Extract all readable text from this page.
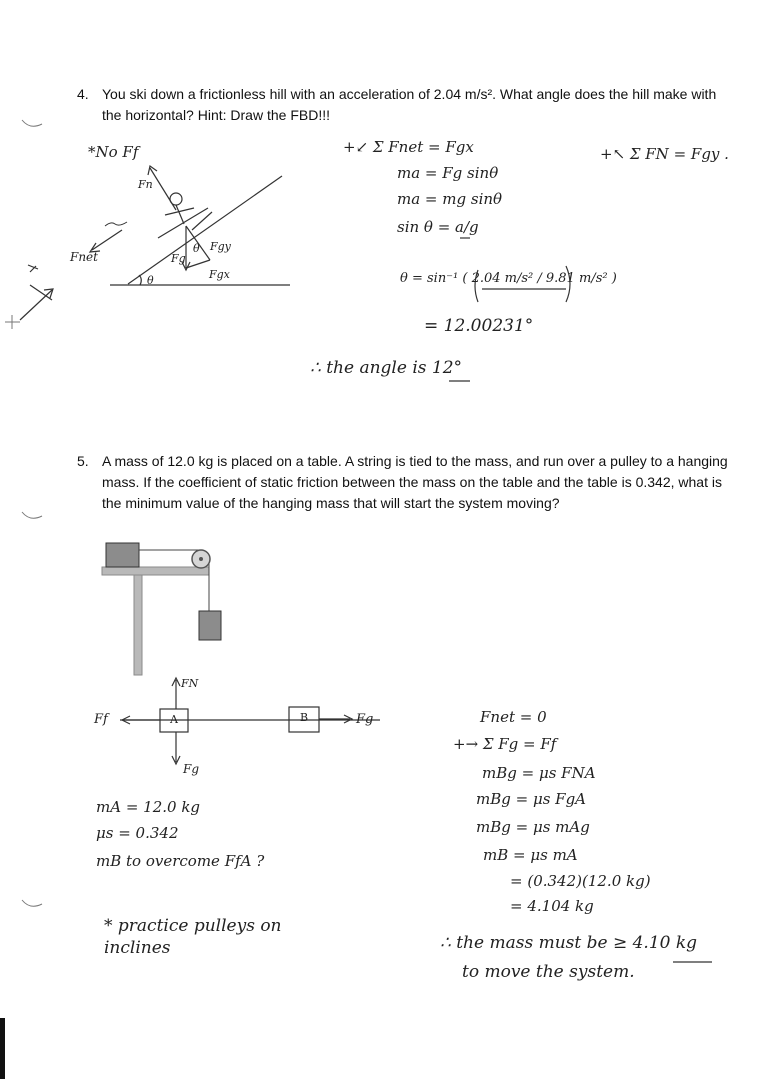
4. You ski down a frictionless hill with an acceleration of 2.04 m/s². What angle does the hill make with
the horizontal? Hint: Draw the FBD!!!
*No Ff
Fn
Fnet	Fg
Fgy
Fgx
θ
θ
+↙ Σ Fnet = Fgx
ma = Fg sinθ
ma = mg sinθ
sin θ = a/g
θ = sin⁻¹ ( 2.04 m/s² / 9.81 m/s² )
= 12.00231°
∴ the angle is 12°
+↖ Σ FN = Fgy .
5. A mass of 12.0 kg is placed on a table. A string is tied to the mass, and run over a pulley to a hanging
mass. If the coefficient of static friction between the mass on the table and the table is 0.342, what is
the minimum value of the hanging mass that will start the system moving?
FN
Ff	A	B
Fg
Fg
mA = 12.0 kg
μs = 0.342
mB to overcome FfA ?
* practice pulleys on inclines
Fnet = 0
+→ Σ Fg = Ff
mBg = μs FNA
mBg = μs FgA
mBg = μs mAg
mB = μs mA
= (0.342)(12.0 kg)
= 4.104 kg
∴ the mass must be ≥ 4.10 kg
to move the system.
